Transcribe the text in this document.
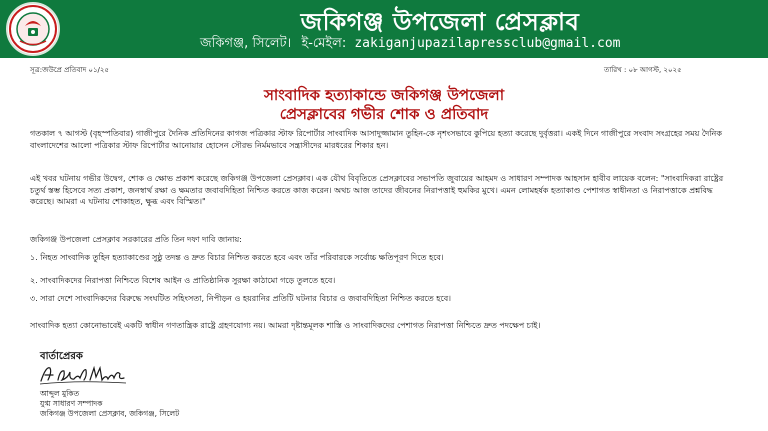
জকিগঞ্জ উপজেলা প্রেসক্লাব
জকিগঞ্জ, সিলেট। ই-মেইল: zakiganjupazilapressclub@gmail.com
সূত্র:জউপ্রে প্রতিবাদ ০১/২৫	তারিখ : ০৮ আগস্ট, ২০২৫
সাংবাদিক হত্যাকান্ডে জকিগঞ্জ উপজেলা
প্রেসক্লাবের গভীর শোক ও প্রতিবাদ

গতকাল ৭ আগস্ট (বৃহস্পতিবার) গাজীপুরে দৈনিক প্রতিদিনের কাগজ পত্রিকার স্টাফ রিপোর্টার সাংবাদিক আসাদুজ্জামান তুহিন-কে নৃশংসভাবে কুপিয়ে হত্যা করেছে দুর্বৃত্তরা। একই দিনে গাজীপুরে সংবাদ সংগ্রহের সময় দৈনিক বাংলাদেশের আলো পত্রিকার স্টাফ রিপোর্টার আনোয়ার হোসেন সৌরভ নির্মমভাবে সন্ত্রাসীদের মারধরের শিকার হন।

এই খবর ঘটনায় গভীর উদ্বেগ, শোক ও ক্ষোভ প্রকাশ করেছে জকিগঞ্জ উপজেলা প্রেসক্লাব। এক যৌথ বিবৃতিতে প্রেসক্লাবের সভাপতি জুবায়ের আহমদ ও সাধারণ সম্পাদক আহসান হাবীব লায়েক বলেন: "সাংবাদিকরা রাষ্ট্রের চতুর্থ স্তম্ভ হিসেবে সত্য প্রকাশ, জনস্বার্থ রক্ষা ও ক্ষমতার জবাবদিহিতা নিশ্চিত করতে কাজ করেন। অথচ আজ তাদের জীবনের নিরাপত্তাই হুমকির মুখে। এমন লোমহর্ষক হত্যাকাণ্ড পেশাগত স্বাধীনতা ও নিরাপত্তাকে প্রশ্নবিদ্ধ করেছে। আমরা এ ঘটনায় শোকাহত, ক্ষুব্ধ এবং বিস্মিত।"

জকিগঞ্জ উপজেলা প্রেসক্লাব সরকারের প্রতি তিন দফা দাবি জানায়:

১. নিহত সাংবাদিক তুহিন হত্যাকাণ্ডের সুষ্ঠু তদন্ত ও দ্রুত বিচার নিশ্চিত করতে হবে এবং তাঁর পরিবারকে সর্বোচ্চ ক্ষতিপূরণ দিতে হবে।

২. সাংবাদিকদের নিরাপত্তা নিশ্চিতে বিশেষ আইন ও প্রাতিষ্ঠানিক সুরক্ষা কাঠামো গড়ে তুলতে হবে।

৩. সারা দেশে সাংবাদিকদের বিরুদ্ধে সংঘটিত সহিংসতা, নিপীড়ন ও হয়রানির প্রতিটি ঘটনার বিচার ও জবাবদিহিতা নিশ্চিত করতে হবে।

সাংবাদিক হত্যা কোনোভাবেই একটি স্বাধীন গণতান্ত্রিক রাষ্ট্রে গ্রহণযোগ্য নয়। আমরা দৃষ্টান্তমূলক শাস্তি ও সাংবাদিকদের পেশাগত নিরাপত্তা নিশ্চিতে দ্রুত পদক্ষেপ চাই।

বার্তাপ্রেরক
আব্দুল মুকিত
যুগ্ম সাধারণ সম্পাদক
জকিগঞ্জ উপজেলা প্রেসক্লাব, জকিগঞ্জ, সিলেট
